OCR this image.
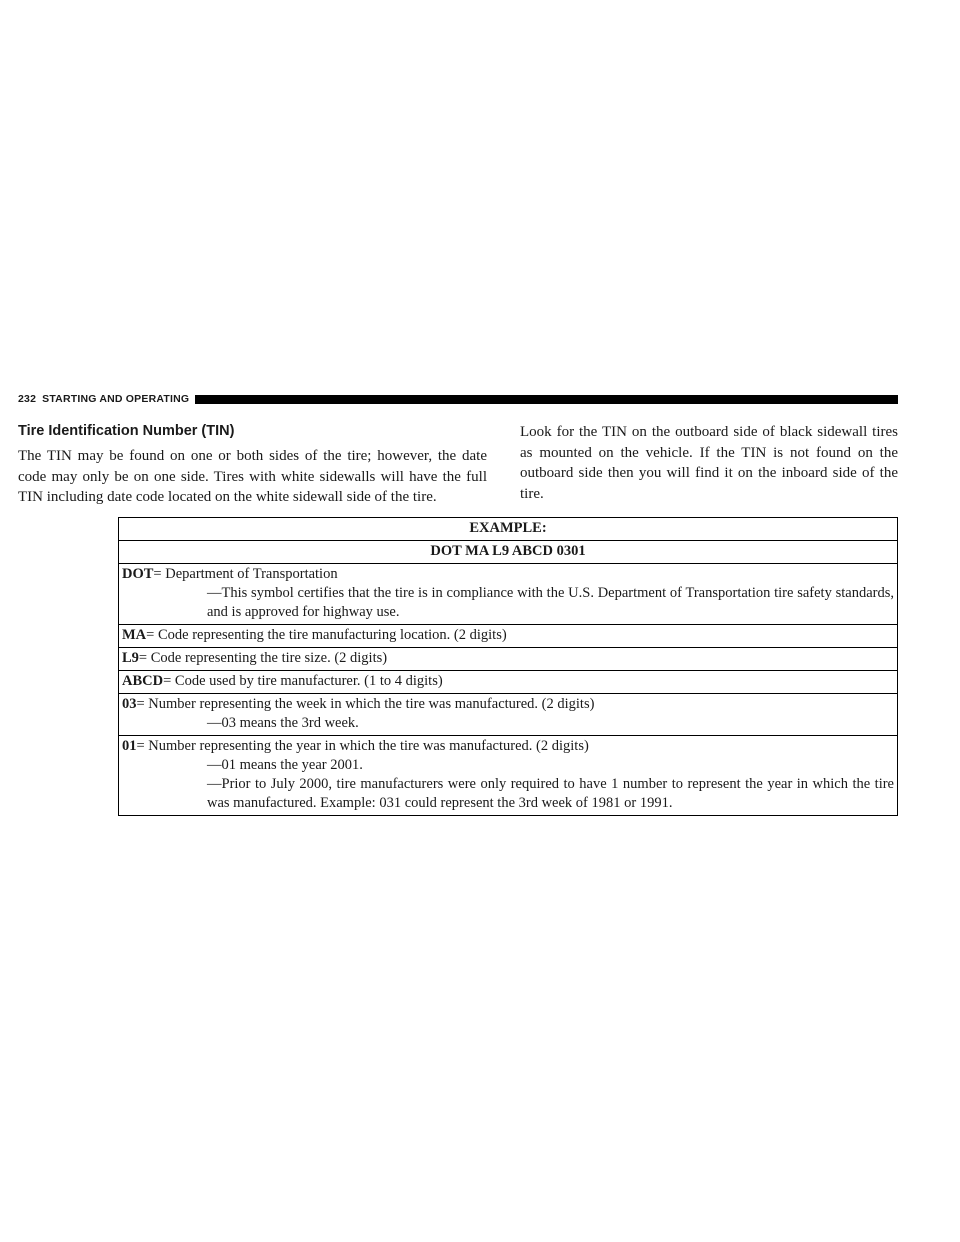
232 STARTING AND OPERATING
Tire Identification Number (TIN)

The TIN may be found on one or both sides of the tire; however, the date code may only be on one side. Tires with white sidewalls will have the full TIN including date code located on the white sidewall side of the tire.

Look for the TIN on the outboard side of black sidewall tires as mounted on the vehicle. If the TIN is not found on the outboard side then you will find it on the inboard side of the tire.

EXAMPLE:
DOT MA L9 ABCD 0301

DOT= Department of Transportation
—This symbol certifies that the tire is in compliance with the U.S. Department of Transportation tire safety standards, and is approved for highway use.

MA= Code representing the tire manufacturing location. (2 digits)

L9= Code representing the tire size. (2 digits)

ABCD= Code used by tire manufacturer. (1 to 4 digits)

03= Number representing the week in which the tire was manufactured. (2 digits)
—03 means the 3rd week.

01= Number representing the year in which the tire was manufactured. (2 digits)
—01 means the year 2001.
—Prior to July 2000, tire manufacturers were only required to have 1 number to represent the year in which the tire was manufactured. Example: 031 could represent the 3rd week of 1981 or 1991.
